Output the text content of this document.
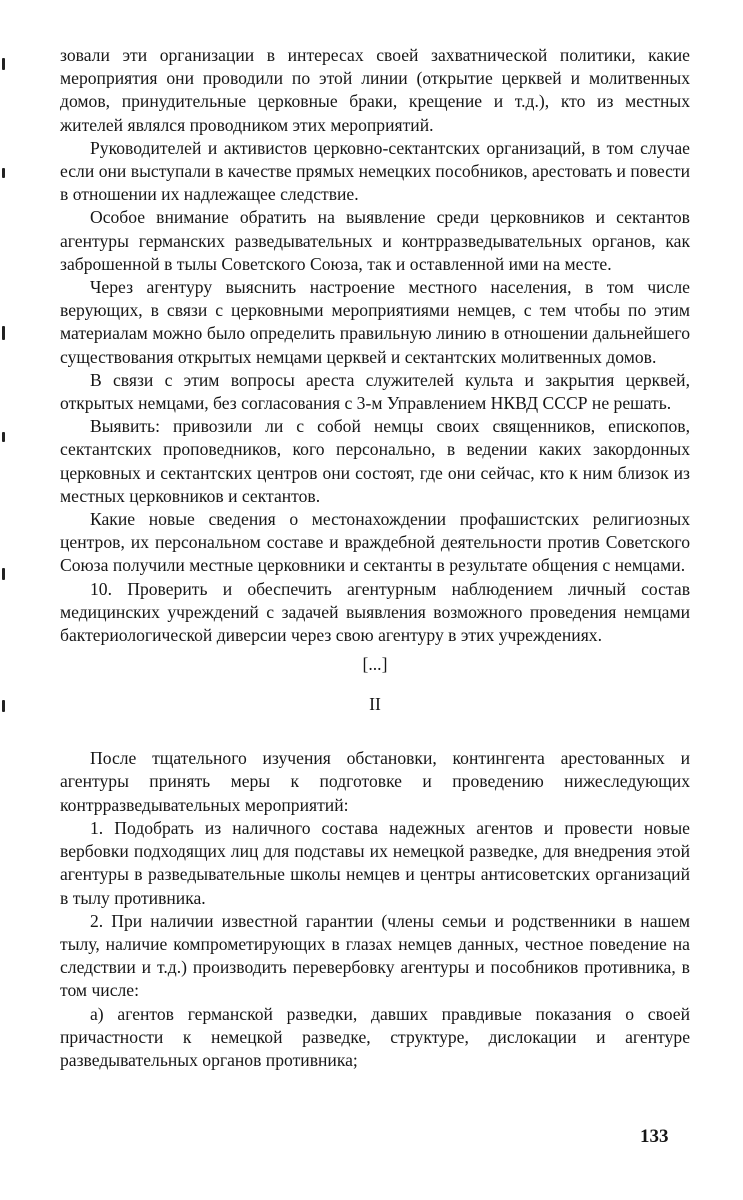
зовали эти организации в интересах своей захватнической политики, какие мероприятия они проводили по этой линии (открытие церквей и молитвенных домов, принудительные церковные браки, крещение и т.д.), кто из местных жителей являлся проводником этих мероприятий.

Руководителей и активистов церковно-сектантских организаций, в том случае если они выступали в качестве прямых немецких пособников, арестовать и повести в отношении их надлежащее следствие.

Особое внимание обратить на выявление среди церковников и сектантов агентуры германских разведывательных и контрразведывательных органов, как заброшенной в тылы Советского Союза, так и оставленной ими на месте.

Через агентуру выяснить настроение местного населения, в том числе верующих, в связи с церковными мероприятиями немцев, с тем чтобы по этим материалам можно было определить правильную линию в отношении дальнейшего существования открытых немцами церквей и сектантских молитвенных домов.

В связи с этим вопросы ареста служителей культа и закрытия церквей, открытых немцами, без согласования с 3-м Управлением НКВД СССР не решать.

Выявить: привозили ли с собой немцы своих священников, епископов, сектантских проповедников, кого персонально, в ведении каких закордонных церковных и сектантских центров они состоят, где они сейчас, кто к ним близок из местных церковников и сектантов.

Какие новые сведения о местонахождении профашистских религиозных центров, их персональном составе и враждебной деятельности против Советского Союза получили местные церковники и сектанты в результате общения с немцами.

10. Проверить и обеспечить агентурным наблюдением личный состав медицинских учреждений с задачей выявления возможного проведения немцами бактериологической диверсии через свою агентуру в этих учреждениях.

[...]
II

После тщательного изучения обстановки, контингента арестованных и агентуры принять меры к подготовке и проведению нижеследующих контрразведывательных мероприятий:

1. Подобрать из наличного состава надежных агентов и провести новые вербовки подходящих лиц для подставы их немецкой разведке, для внедрения этой агентуры в разведывательные школы немцев и центры антисоветских организаций в тылу противника.

2. При наличии известной гарантии (члены семьи и родственники в нашем тылу, наличие компрометирующих в глазах немцев данных, честное поведение на следствии и т.д.) производить перевербовку агентуры и пособников противника, в том числе:

а) агентов германской разведки, давших правдивые показания о своей причастности к немецкой разведке, структуре, дислокации и агентуре разведывательных органов противника;

133
